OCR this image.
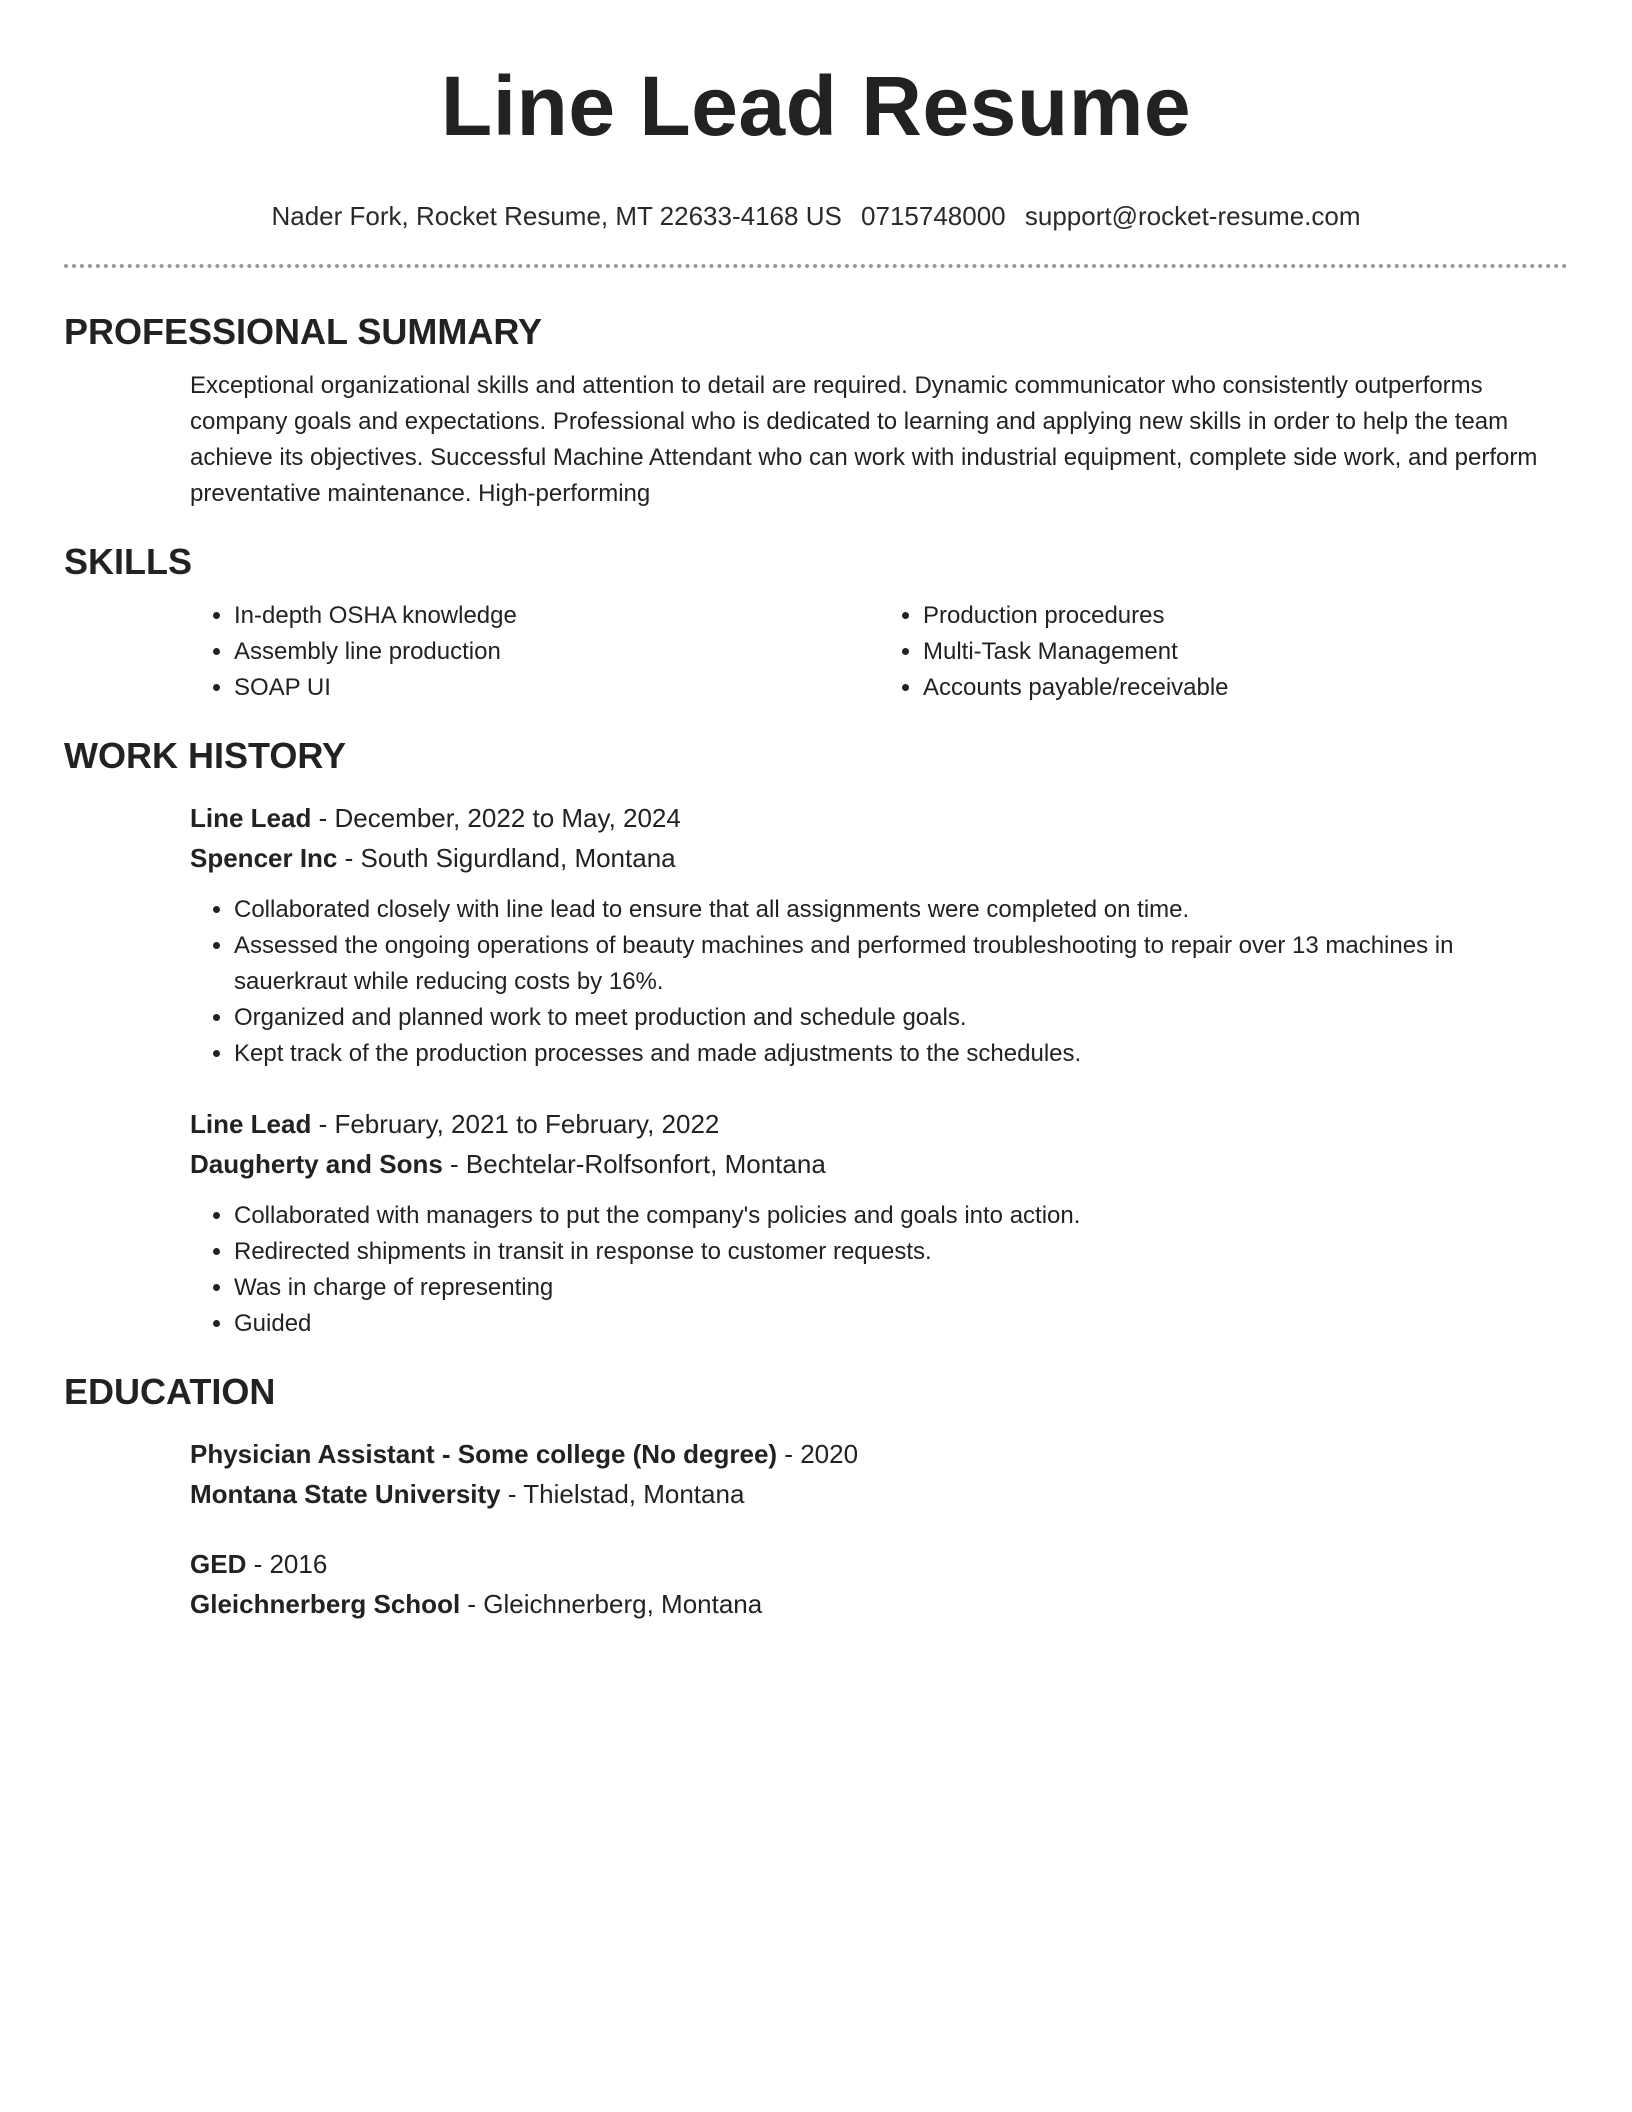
Line Lead Resume
Nader Fork, Rocket Resume, MT 22633-4168 US 0715748000 support@rocket-resume.com
PROFESSIONAL SUMMARY

Exceptional organizational skills and attention to detail are required. Dynamic communicator who consistently outperforms company goals and expectations. Professional who is dedicated to learning and applying new skills in order to help the team achieve its objectives. Successful Machine Attendant who can work with industrial equipment, complete side work, and perform preventative maintenance. High-performing

SKILLS
• In-depth OSHA knowledge
• Assembly line production
• SOAP UI
• Production procedures
• Multi-Task Management
• Accounts payable/receivable
WORK HISTORY
Line Lead - December, 2022 to May, 2024
Spencer Inc - South Sigurdland, Montana
• Collaborated closely with line lead to ensure that all assignments were completed on time.
• Assessed the ongoing operations of beauty machines and performed troubleshooting to repair over 13 machines in sauerkraut while reducing costs by 16%.
• Organized and planned work to meet production and schedule goals.
• Kept track of the production processes and made adjustments to the schedules.
Line Lead - February, 2021 to February, 2022
Daugherty and Sons - Bechtelar-Rolfsonfort, Montana
• Collaborated with managers to put the company's policies and goals into action.
• Redirected shipments in transit in response to customer requests.
• Was in charge of representing
• Guided
EDUCATION
Physician Assistant - Some college (No degree) - 2020
Montana State University - Thielstad, Montana
GED - 2016
Gleichnerberg School - Gleichnerberg, Montana
